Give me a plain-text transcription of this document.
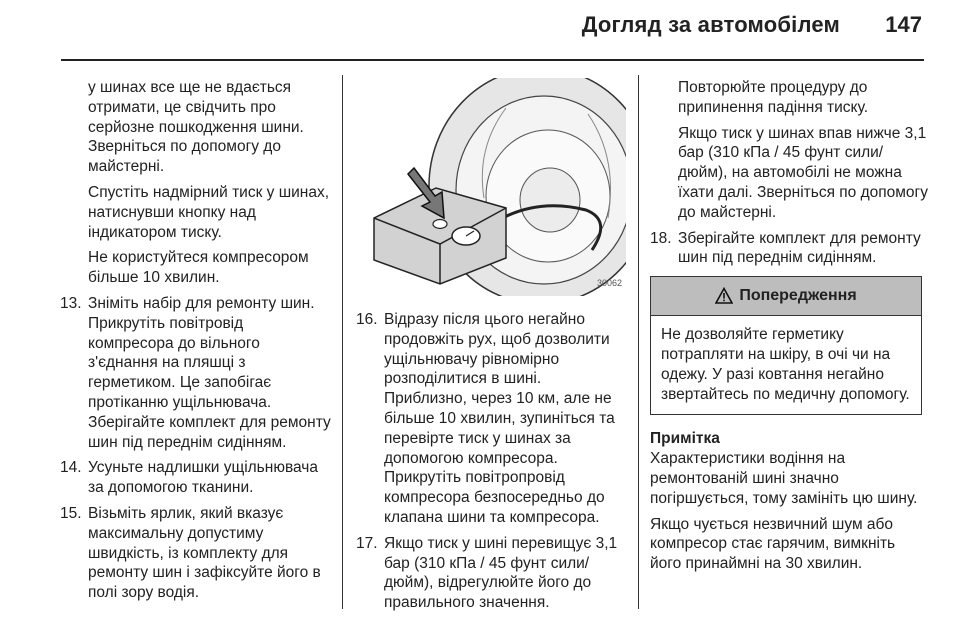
Догляд за автомобілем 147

у шинах все ще не вдається отримати, це свідчить про серйозне пошкодження шини. Зверніться по допомогу до майстерні.

Спустіть надмірний тиск у шинах, натиснувши кнопку над індикатором тиску.

Не користуйтеся компресором більше 10 хвилин.

13. Зніміть набір для ремонту шин. Прикрутіть повітровід компресора до вільного з'єднання на пляшці з герметиком. Це запобігає протіканню ущільнювача. Зберігайте комплект для ремонту шин під переднім сидінням.

14. Усуньте надлишки ущільнювача за допомогою тканини.

15. Візьміть ярлик, який вказує максимальну допустиму швидкість, із комплекту для ремонту шин і зафіксуйте його в полі зору водія.

30062
16. Відразу після цього негайно продовжіть рух, щоб дозволити ущільнювачу рівномірно розподілитися в шині. Приблизно, через 10 км, але не більше 10 хвилин, зупиніться та перевірте тиск у шинах за допомогою компресора. Прикрутіть повітропровід компресора безпосередньо до клапана шини та компресора.

17. Якщо тиск у шині перевищує 3,1 бар (310 кПа / 45 фунт сили/дюйм), відрегулюйте його до правильного значення.

Повторюйте процедуру до припинення падіння тиску.

Якщо тиск у шинах впав нижче 3,1 бар (310 кПа / 45 фунт сили/дюйм), на автомобілі не можна їхати далі. Зверніться по допомогу до майстерні.

18. Зберігайте комплект для ремонту шин під переднім сидінням.

Попередження
Не дозволяйте герметику потрапляти на шкіру, в очі чи на одежу. У разі ковтання негайно звертайтесь по медичну допомогу.

Примітка

Характеристики водіння на ремонтованій шині значно погіршується, тому замініть цю шину.

Якщо чується незвичний шум або компресор стає гарячим, вимкніть його принаймні на 30 хвилин.
